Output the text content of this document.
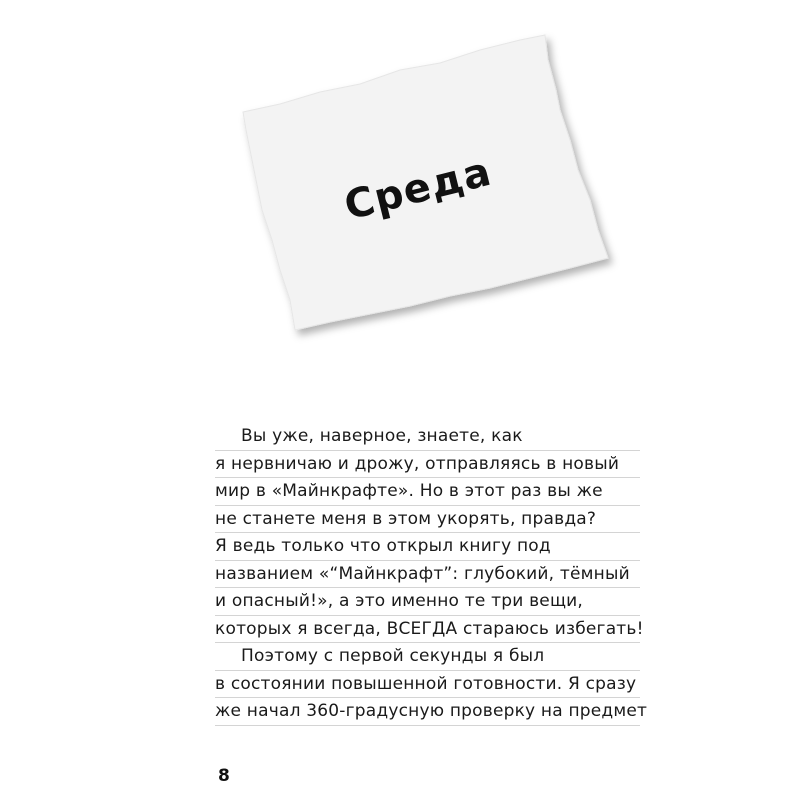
Среда
Вы уже, наверное, знаете, как
я нервничаю и дрожу, отправляясь в новый
мир в «Майнкрафте». Но в этот раз вы же
не станете меня в этом укорять, правда?
Я ведь только что открыл книгу под
названием «“Майнкрафт”: глубокий, тёмный
и опасный!», а это именно те три вещи,
которых я всегда, ВСЕГДА стараюсь избегать!
Поэтому с первой секунды я был
в состоянии повышенной готовности. Я сразу
же начал 360-градусную проверку на предмет
8
